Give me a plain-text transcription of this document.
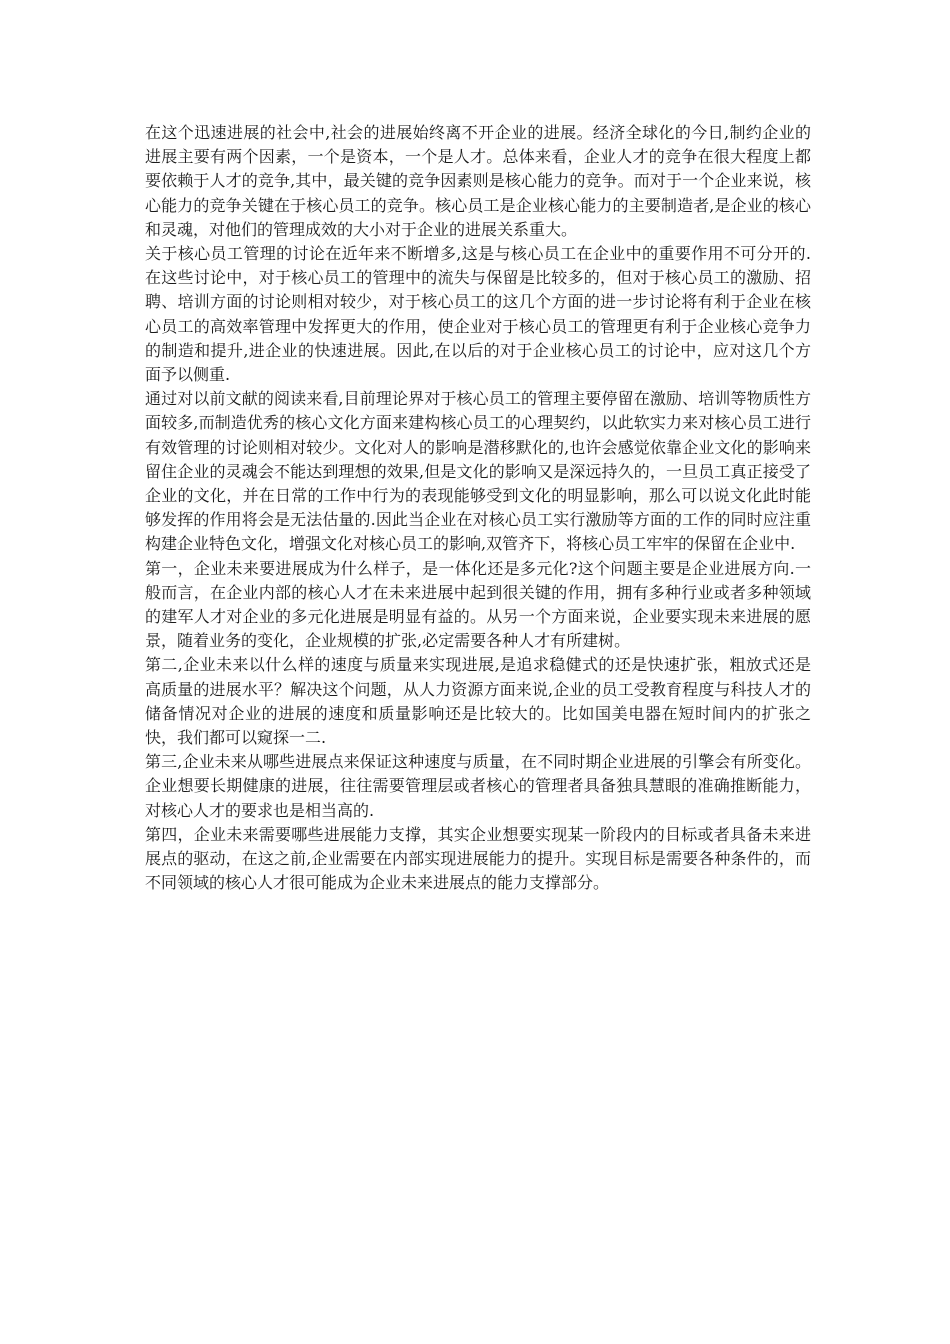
在这个迅速进展的社会中,社会的进展始终离不开企业的进展。经济全球化的今日,制约企业的进展主要有两个因素，一个是资本，一个是人才。总体来看，企业人才的竞争在很大程度上都要依赖于人才的竞争,其中，最关键的竞争因素则是核心能力的竞争。而对于一个企业来说，核心能力的竞争关键在于核心员工的竞争。核心员工是企业核心能力的主要制造者,是企业的核心和灵魂，对他们的管理成效的大小对于企业的进展关系重大。

关于核心员工管理的讨论在近年来不断增多,这是与核心员工在企业中的重要作用不可分开的.在这些讨论中，对于核心员工的管理中的流失与保留是比较多的，但对于核心员工的激励、招聘、培训方面的讨论则相对较少，对于核心员工的这几个方面的进一步讨论将有利于企业在核心员工的高效率管理中发挥更大的作用，使企业对于核心员工的管理更有利于企业核心竞争力的制造和提升,进企业的快速进展。因此,在以后的对于企业核心员工的讨论中，应对这几个方面予以侧重.

通过对以前文献的阅读来看,目前理论界对于核心员工的管理主要停留在激励、培训等物质性方面较多,而制造优秀的核心文化方面来建构核心员工的心理契约，以此软实力来对核心员工进行有效管理的讨论则相对较少。文化对人的影响是潜移默化的,也许会感觉依靠企业文化的影响来留住企业的灵魂会不能达到理想的效果,但是文化的影响又是深远持久的，一旦员工真正接受了企业的文化，并在日常的工作中行为的表现能够受到文化的明显影响，那么可以说文化此时能够发挥的作用将会是无法估量的.因此当企业在对核心员工实行激励等方面的工作的同时应注重构建企业特色文化，增强文化对核心员工的影响,双管齐下，将核心员工牢牢的保留在企业中.

第一，企业未来要进展成为什么样子，是一体化还是多元化?这个问题主要是企业进展方向.一般而言，在企业内部的核心人才在未来进展中起到很关键的作用，拥有多种行业或者多种领域的建军人才对企业的多元化进展是明显有益的。从另一个方面来说，企业要实现未来进展的愿景，随着业务的变化，企业规模的扩张,必定需要各种人才有所建树。

第二,企业未来以什么样的速度与质量来实现进展,是追求稳健式的还是快速扩张，粗放式还是高质量的进展水平？解决这个问题，从人力资源方面来说,企业的员工受教育程度与科技人才的储备情况对企业的进展的速度和质量影响还是比较大的。比如国美电器在短时间内的扩张之快，我们都可以窥探一二.

第三,企业未来从哪些进展点来保证这种速度与质量，在不同时期企业进展的引擎会有所变化。企业想要长期健康的进展，往往需要管理层或者核心的管理者具备独具慧眼的准确推断能力，对核心人才的要求也是相当高的.

第四，企业未来需要哪些进展能力支撑，其实企业想要实现某一阶段内的目标或者具备未来进展点的驱动，在这之前,企业需要在内部实现进展能力的提升。实现目标是需要各种条件的，而不同领域的核心人才很可能成为企业未来进展点的能力支撑部分。
